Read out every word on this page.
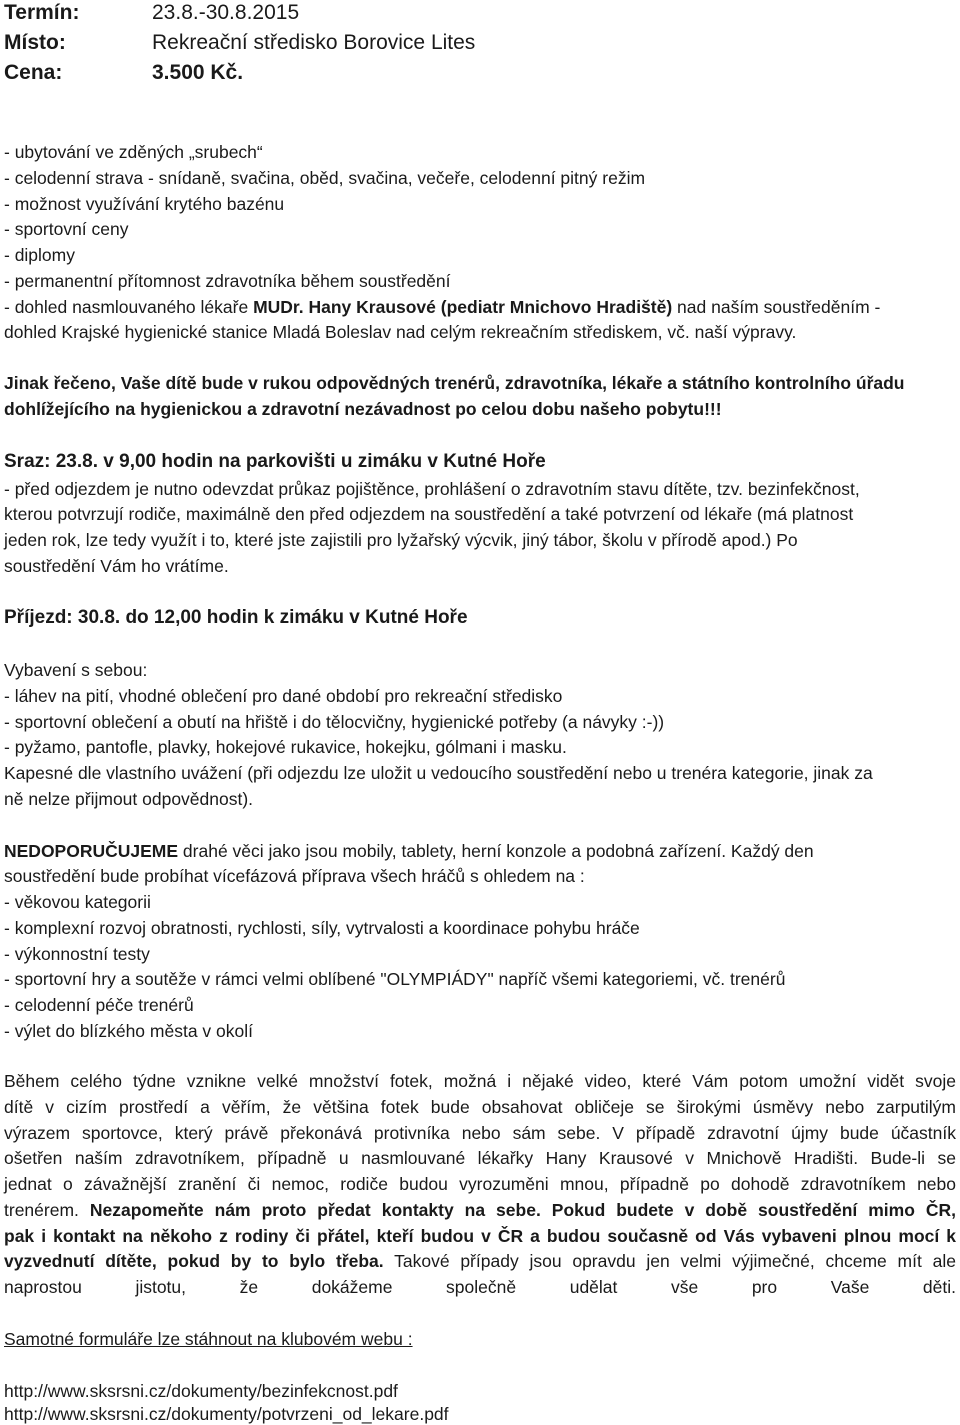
Termín:	23.8.-30.8.2015
Místo:	Rekreační středisko Borovice Lites
Cena:	3.500 Kč.
- ubytování ve zděných „srubech“
- celodenní strava - snídaně, svačina, oběd, svačina, večeře, celodenní pitný režim
- možnost využívání krytého bazénu
- sportovní ceny
- diplomy
- permanentní přítomnost zdravotníka během soustředění
- dohled nasmlouvaného lékaře MUDr. Hany Krausové (pediatr Mnichovo Hradiště) nad naším soustředěním -
dohled Krajské hygienické stanice Mladá Boleslav nad celým rekreačním střediskem, vč. naší výpravy.
Jinak řečeno, Vaše dítě bude v rukou odpovědných trenérů, zdravotníka, lékaře a státního kontrolního úřadu
dohlížejícího na hygienickou a zdravotní nezávadnost po celou dobu našeho pobytu!!!
Sraz: 23.8. v 9,00 hodin na parkovišti u zimáku v Kutné Hoře
- před odjezdem je nutno odevzdat průkaz pojištěnce, prohlášení o zdravotním stavu dítěte, tzv. bezinfekčnost,
kterou potvrzují rodiče, maximálně den před odjezdem na soustředění a také potvrzení od lékaře (má platnost
jeden rok, lze tedy využít i to, které jste zajistili pro lyžařský výcvik, jiný tábor, školu v přírodě apod.) Po
soustředění Vám ho vrátíme.
Příjezd: 30.8. do 12,00 hodin k zimáku v Kutné Hoře
Vybavení s sebou:
- láhev na pití, vhodné oblečení pro dané období pro rekreační středisko
- sportovní oblečení a obutí na hřiště i do tělocvičny, hygienické potřeby (a návyky :-))
- pyžamo, pantofle, plavky, hokejové rukavice, hokejku, gólmani i masku.
Kapesné dle vlastního uvážení (při odjezdu lze uložit u vedoucího soustředění nebo u trenéra kategorie, jinak za
ně nelze přijmout odpovědnost).
NEDOPORUČUJEME drahé věci jako jsou mobily, tablety, herní konzole a podobná zařízení. Každý den
soustředění bude probíhat vícefázová příprava všech hráčů s ohledem na :
- věkovou kategorii
- komplexní rozvoj obratnosti, rychlosti, síly, vytrvalosti a koordinace pohybu hráče
- výkonnostní testy
- sportovní hry a soutěže v rámci velmi oblíbené "OLYMPIÁDY" napříč všemi kategoriemi, vč. trenérů
- celodenní péče trenérů
- výlet do blízkého města v okolí
Během celého týdne vznikne velké množství fotek, možná i nějaké video, které Vám potom umožní vidět svoje
dítě v cizím prostředí a věřím, že většina fotek bude obsahovat obličeje se širokými úsměvy nebo zarputilým
výrazem sportovce, který právě překonává protivníka nebo sám sebe. V případě zdravotní újmy bude účastník
ošetřen naším zdravotníkem, případně u nasmlouvané lékařky Hany Krausové v Mnichově Hradišti. Bude-li se
jednat o závažnější zranění či nemoc, rodiče budou vyrozuměni mnou, případně po dohodě zdravotníkem nebo
trenérem. Nezapomeňte nám proto předat kontakty na sebe. Pokud budete v době soustředění mimo ČR,
pak i kontakt na někoho z rodiny či přátel, kteří budou v ČR a budou současně od Vás vybaveni plnou mocí k
vyzvednutí dítěte, pokud by to bylo třeba. Takové případy jsou opravdu jen velmi výjimečné, chceme mít ale
naprostou jistotu, že dokážeme společně udělat vše pro Vaše děti.
Samotné formuláře lze stáhnout na klubovém webu :
http://www.sksrsni.cz/dokumenty/bezinfekcnost.pdf
http://www.sksrsni.cz/dokumenty/potvrzeni_od_lekare.pdf
